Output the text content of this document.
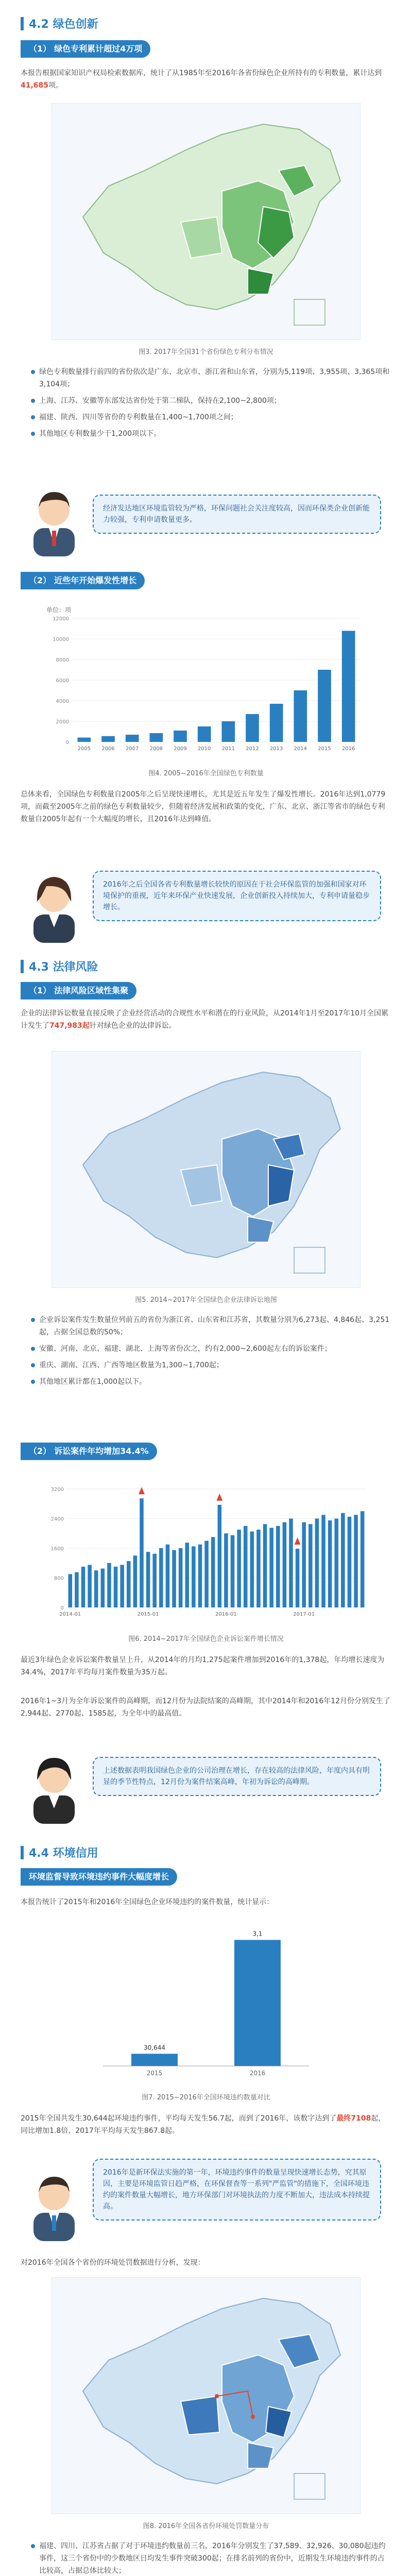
4.2 绿色创新
（1） 绿色专利累计超过4万项

本报告根据国家知识产权局检索数据库，统计了从1985年至2016年各省份绿色企业所持有的专利数量，累计达到41,685项。

图3. 2017年全国31个省份绿色专利分布情况
绿色专利数量排行前四的省份依次是广东、北京市、浙江省和山东省，分别为5,119项、3,955项、3,365项和3,104项；
上海、江苏、安徽等东部发达省份处于第二梯队，保持在2,100~2,800项；
福建、陕西、四川等省份的专利数量在1,400~1,700项之间；
其他地区专利数量少于1,200项以下。
经济发达地区环境监管较为严格，环保问题社会关注度较高，因而环保类企业创新能力较强，专利申请数量更多。
（2） 近些年开始爆发性增长
单位：项
0
2000
4000
6000
8000
10000
12000
2005 2006 2007 2008 2009 2010 2011 2012 2013 2014 2015 2016
图4. 2005~2016年全国绿色专利数量

总体来看，全国绿色专利数量自2005年之后呈现快速增长，尤其是近五年发生了爆发性增长。2016年达到1,0779项，而截至2005年之前的绿色专利数量较少，但随着经济发展和政策的变化，广东、北京、浙江等省市的绿色专利数量自2005年起有一个大幅度的增长，且2016年达到峰值。

2016年之后全国各省专利数量增长较快的原因在于社会环保监管的加强和国家对环境保护的重视，近年来环保产业快速发展，企业创新投入持续加大，专利申请量稳步增长。
4.3 法律风险
（1） 法律风险区域性集聚

企业的法律诉讼数量直接反映了企业经营活动的合规性水平和潜在的行业风险，从2014年1月至2017年10月全国累计发生了747,983起针对绿色企业的法律诉讼。

图5. 2014~2017年全国绿色企业法律诉讼地图
企业诉讼案件发生数量位列前五的省份为浙江省、山东省和江苏省，其数量分别为6,273起、4,846起、3,251起，占据全国总数的50%；
安徽、河南、北京、福建、湖北、上海等省份次之，约有2,000~2,600起左右的诉讼案件；
重庆、湖南、江西、广西等地区数量为1,300~1,700起；
其他地区累计都在1,000起以下。
（2） 诉讼案件年均增加34.4%
0
800
1600
2400
3200
2014-01	2015-01	2016-01	2017-01
图6. 2014~2017年全国绿色企业诉讼案件增长情况

最近3年绿色企业诉讼案件数量呈上升，从2014年的月均1,275起案件增加到2016年的1,378起，年均增长速度为34.4%，2017年平均每月案件数量为35万起。

2016年1~3月为全年诉讼案件的高峰期，而12月份为法院结案的高峰期，其中2014年和2016年12月份分别发生了2,944起、2770起、1585起，为全年中的最高值。

上述数据表明我国绿色企业的公司治理在增长，存在较高的法律风险，年度内具有明显的季节性特点，12月份为案件结案高峰，年初为诉讼的高峰期。
4.4 环境信用
环境监督导致环境违约事件大幅度增长

本报告统计了2015年和2016年全国绿色企业环境违约的案件数量，统计显示：

30,644
2015
3,1
2016
图7. 2015~2016年全国环境违约数量对比

2015年全国共发生30,644起环境违约事件，平均每天发生56.7起，而到了2016年，该数字达到了最终7108起，同比增加1.8倍，2017年平均每天发生867.8起。

2016年是新环保法实施的第一年，环境违约事件的数量呈现快速增长态势，究其原因，主要是环境监管日趋严格，在环保督查等一系列"严监管"的措施下，全国环境违约的案件数量大幅增长，地方环保部门对环境执法的力度不断加大，违法成本持续提高。

对2016年全国各个省份的环境处罚数据进行分析，发现：

图8. 2016年全国各省份环境处罚数量分布
福建、四川、江苏省占据了对于环境违约数量前三名，2016年分别发生了37,589、32,926、30,080起违约事件，这三个省份中的少数地区日均发生事件突破300起；在排名前列的省份中，近期发生环境违约事件的占比较高，占据总体比较大；
